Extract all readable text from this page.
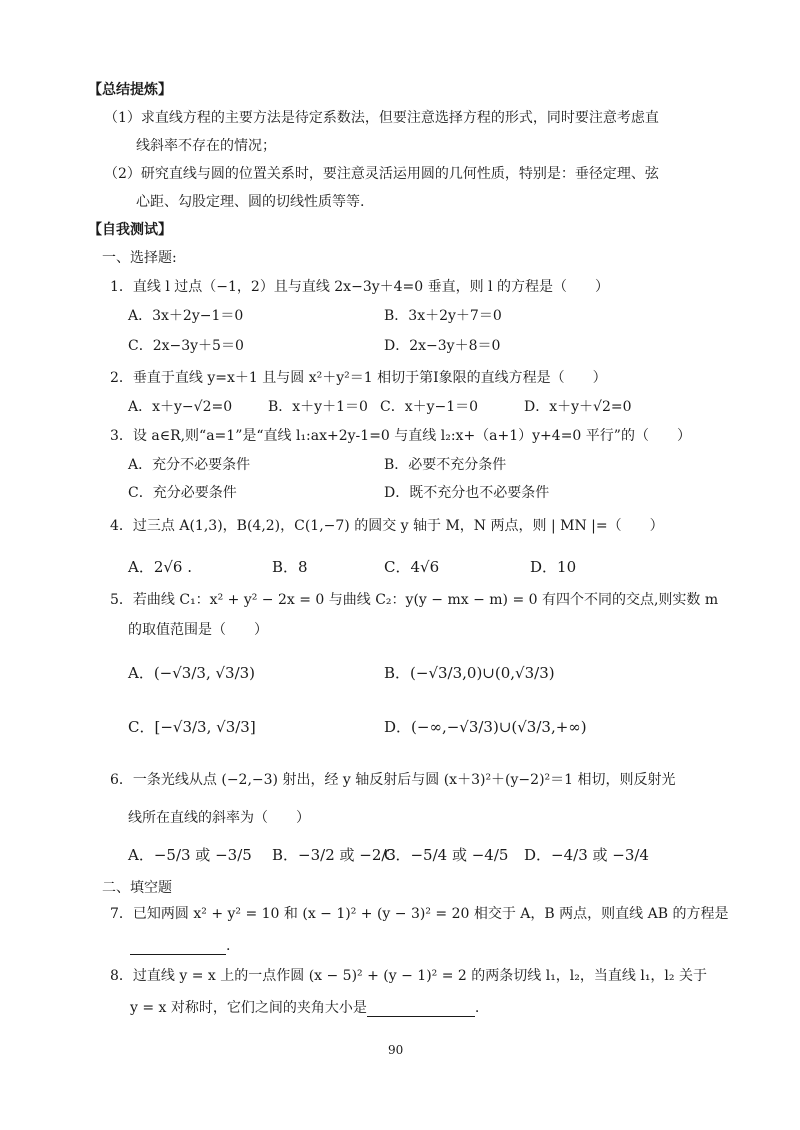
【总结提炼】
（1）求直线方程的主要方法是待定系数法，但要注意选择方程的形式，同时要注意考虑直
线斜率不存在的情况；
（2）研究直线与圆的位置关系时，要注意灵活运用圆的几何性质，特别是：垂径定理、弦
心距、勾股定理、圆的切线性质等等.
【自我测试】
一、选择题:
1．直线 l 过点（−1，2）且与直线 2x−3y＋4=0 垂直，则 l 的方程是（　　）
A．3x＋2y−1＝0	B．3x＋2y＋7＝0
C．2x−3y＋5＝0	D．2x−3y＋8＝0
2．垂直于直线 y=x＋1 且与圆 x²＋y²＝1 相切于第Ⅰ象限的直线方程是（　　）
A．x＋y−√2=0	B．x＋y＋1＝0 C．x＋y−1＝0	D．x＋y＋√2=0
3．设 a∈R,则“a=1”是“直线 l₁:ax+2y-1=0 与直线 l₂:x+（a+1）y+4=0 平行”的（　　）
A．充分不必要条件	B．必要不充分条件
C．充分必要条件	D．既不充分也不必要条件
4．过三点 A(1,3)，B(4,2)，C(1,−7) 的圆交 y 轴于 M，N 两点，则 | MN |=（　　）
A．2√6 .	B．8	C．4√6	D．10
5．若曲线 C₁：x² + y² − 2x = 0 与曲线 C₂：y(y − mx − m) = 0 有四个不同的交点,则实数 m
的取值范围是（　　）
A．(−√3/3, √3/3)	B．(−√3/3,0)∪(0,√3/3)
C．[−√3/3, √3/3]	D．(−∞,−√3/3)∪(√3/3,+∞)
6．一条光线从点 (−2,−3) 射出，经 y 轴反射后与圆 (x＋3)²＋(y−2)²＝1 相切，则反射光
线所在直线的斜率为（　　）
A．−5/3 或 −3/5 B．−3/2 或 −2/3
C．−5/4 或 −4/5 D．−4/3 或 −3/4
二、填空题
7．已知两圆 x² + y² = 10 和 (x − 1)² + (y − 3)² = 20 相交于 A，B 两点，则直线 AB 的方程是
.
8．过直线 y = x 上的一点作圆 (x − 5)² + (y − 1)² = 2 的两条切线 l₁，l₂，当直线 l₁，l₂ 关于
y = x 对称时，它们之间的夹角大小是	.
90
